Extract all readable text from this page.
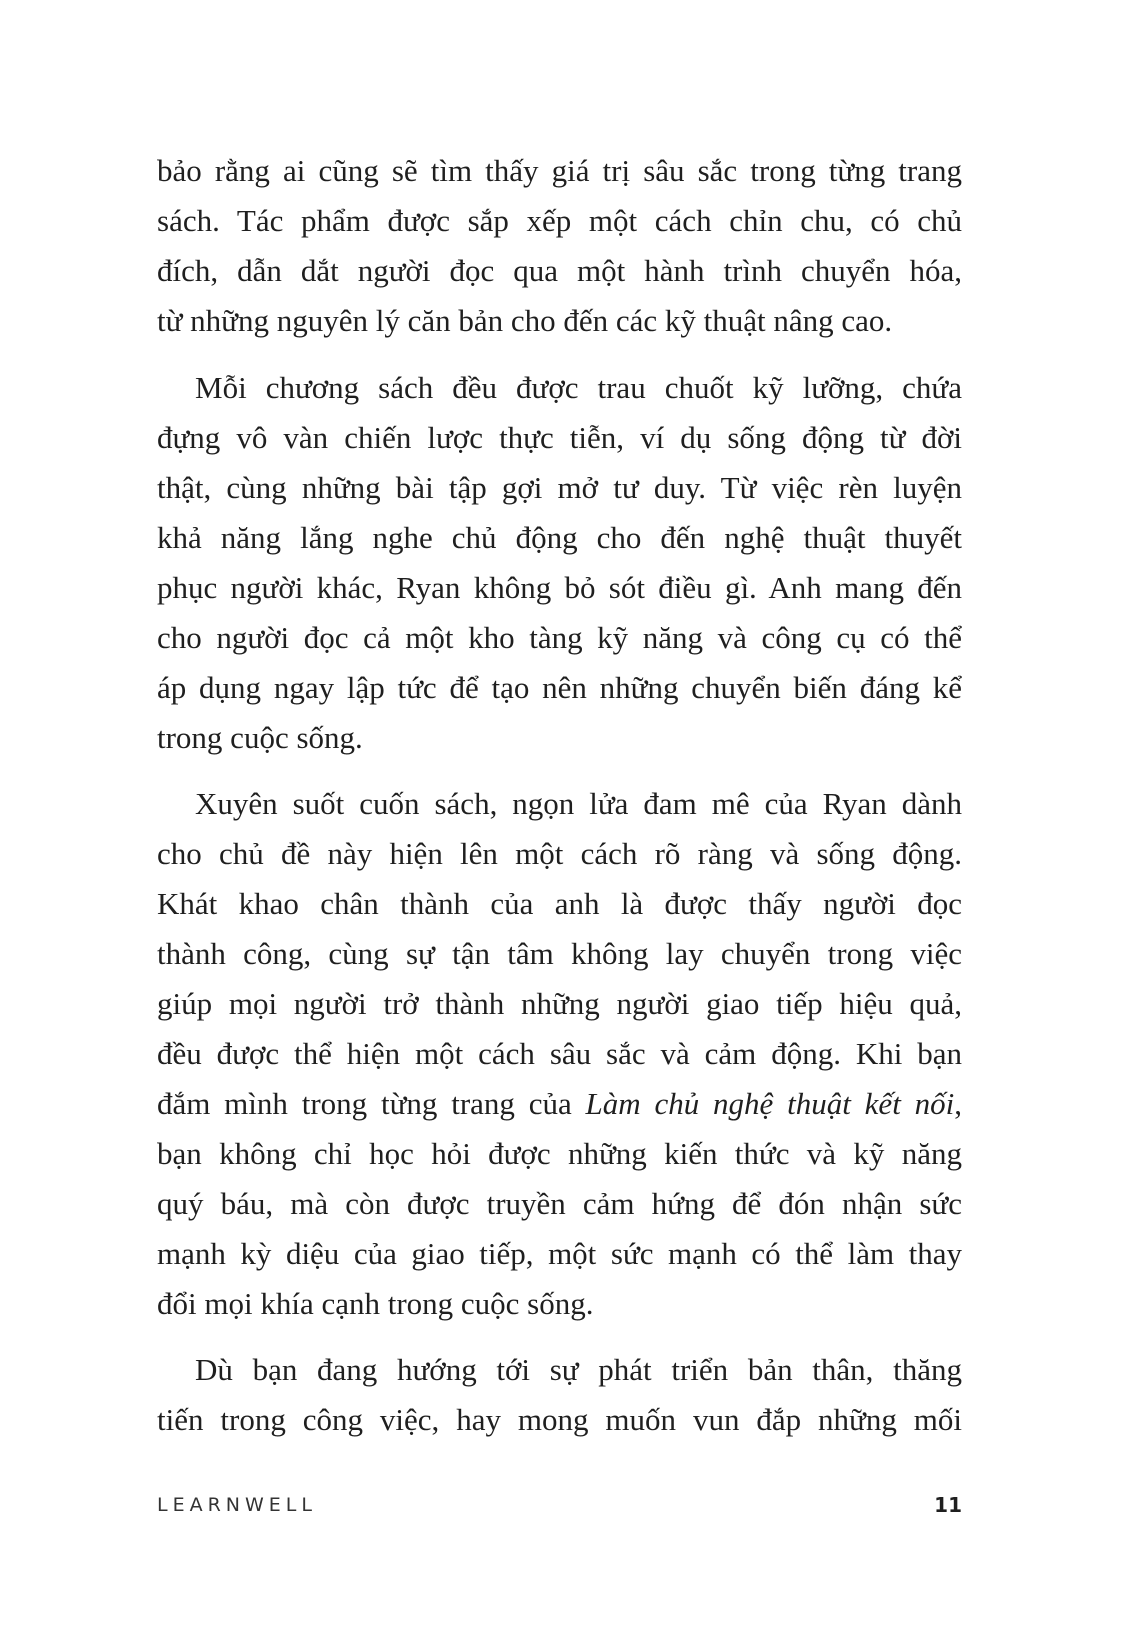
bảo rằng ai cũng sẽ tìm thấy giá trị sâu sắc trong từng trang
sách. Tác phẩm được sắp xếp một cách chỉn chu, có chủ
đích, dẫn dắt người đọc qua một hành trình chuyển hóa,
từ những nguyên lý căn bản cho đến các kỹ thuật nâng cao.
Mỗi chương sách đều được trau chuốt kỹ lưỡng, chứa
đựng vô vàn chiến lược thực tiễn, ví dụ sống động từ đời
thật, cùng những bài tập gợi mở tư duy. Từ việc rèn luyện
khả năng lắng nghe chủ động cho đến nghệ thuật thuyết
phục người khác, Ryan không bỏ sót điều gì. Anh mang đến
cho người đọc cả một kho tàng kỹ năng và công cụ có thể
áp dụng ngay lập tức để tạo nên những chuyển biến đáng kể
trong cuộc sống.
Xuyên suốt cuốn sách, ngọn lửa đam mê của Ryan dành
cho chủ đề này hiện lên một cách rõ ràng và sống động.
Khát khao chân thành của anh là được thấy người đọc
thành công, cùng sự tận tâm không lay chuyển trong việc
giúp mọi người trở thành những người giao tiếp hiệu quả,
đều được thể hiện một cách sâu sắc và cảm động. Khi bạn
đắm mình trong từng trang của Làm chủ nghệ thuật kết nối,
bạn không chỉ học hỏi được những kiến thức và kỹ năng
quý báu, mà còn được truyền cảm hứng để đón nhận sức
mạnh kỳ diệu của giao tiếp, một sức mạnh có thể làm thay
đổi mọi khía cạnh trong cuộc sống.
Dù bạn đang hướng tới sự phát triển bản thân, thăng
tiến trong công việc, hay mong muốn vun đắp những mối
LEARNWELL	11
